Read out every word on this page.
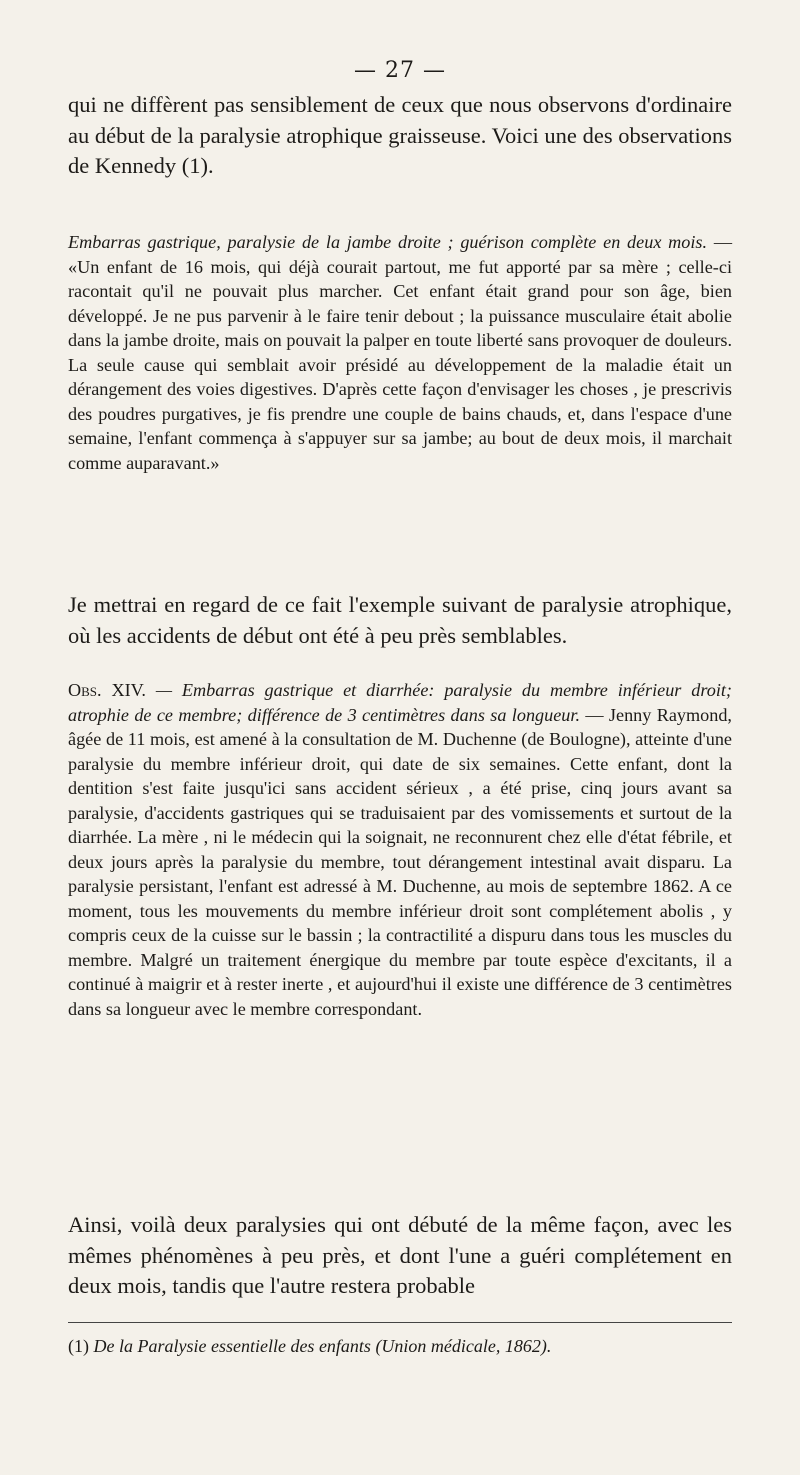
— 27 —

qui ne diffèrent pas sensiblement de ceux que nous observons d'ordinaire au début de la paralysie atrophique graisseuse. Voici une des observations de Kennedy (1).

Embarras gastrique, paralysie de la jambe droite ; guérison complète en deux mois. — «Un enfant de 16 mois, qui déjà courait partout, me fut apporté par sa mère ; celle-ci racontait qu'il ne pouvait plus marcher. Cet enfant était grand pour son âge, bien développé. Je ne pus parvenir à le faire tenir debout ; la puissance musculaire était abolie dans la jambe droite, mais on pouvait la palper en toute liberté sans provoquer de douleurs. La seule cause qui semblait avoir présidé au développement de la maladie était un dérangement des voies digestives. D'après cette façon d'envisager les choses , je prescrivis des poudres purgatives, je fis prendre une couple de bains chauds, et, dans l'espace d'une semaine, l'enfant commença à s'appuyer sur sa jambe; au bout de deux mois, il marchait comme auparavant.»

Je mettrai en regard de ce fait l'exemple suivant de paralysie atrophique, où les accidents de début ont été à peu près semblables.

Obs. XIV. — Embarras gastrique et diarrhée: paralysie du membre inférieur droit; atrophie de ce membre; différence de 3 centimètres dans sa longueur. — Jenny Raymond, âgée de 11 mois, est amené à la consultation de M. Duchenne (de Boulogne), atteinte d'une paralysie du membre inférieur droit, qui date de six semaines. Cette enfant, dont la dentition s'est faite jusqu'ici sans accident sérieux , a été prise, cinq jours avant sa paralysie, d'accidents gastriques qui se traduisaient par des vomissements et surtout de la diarrhée. La mère , ni le médecin qui la soignait, ne reconnurent chez elle d'état fébrile, et deux jours après la paralysie du membre, tout dérangement intestinal avait disparu. La paralysie persistant, l'enfant est adressé à M. Duchenne, au mois de septembre 1862. A ce moment, tous les mouvements du membre inférieur droit sont complétement abolis , y compris ceux de la cuisse sur le bassin ; la contractilité a dispuru dans tous les muscles du membre. Malgré un traitement énergique du membre par toute espèce d'excitants, il a continué à maigrir et à rester inerte , et aujourd'hui il existe une différence de 3 centimètres dans sa longueur avec le membre correspondant.

Ainsi, voilà deux paralysies qui ont débuté de la même façon, avec les mêmes phénomènes à peu près, et dont l'une a guéri complétement en deux mois, tandis que l'autre restera probable

(1) De la Paralysie essentielle des enfants (Union médicale, 1862).
